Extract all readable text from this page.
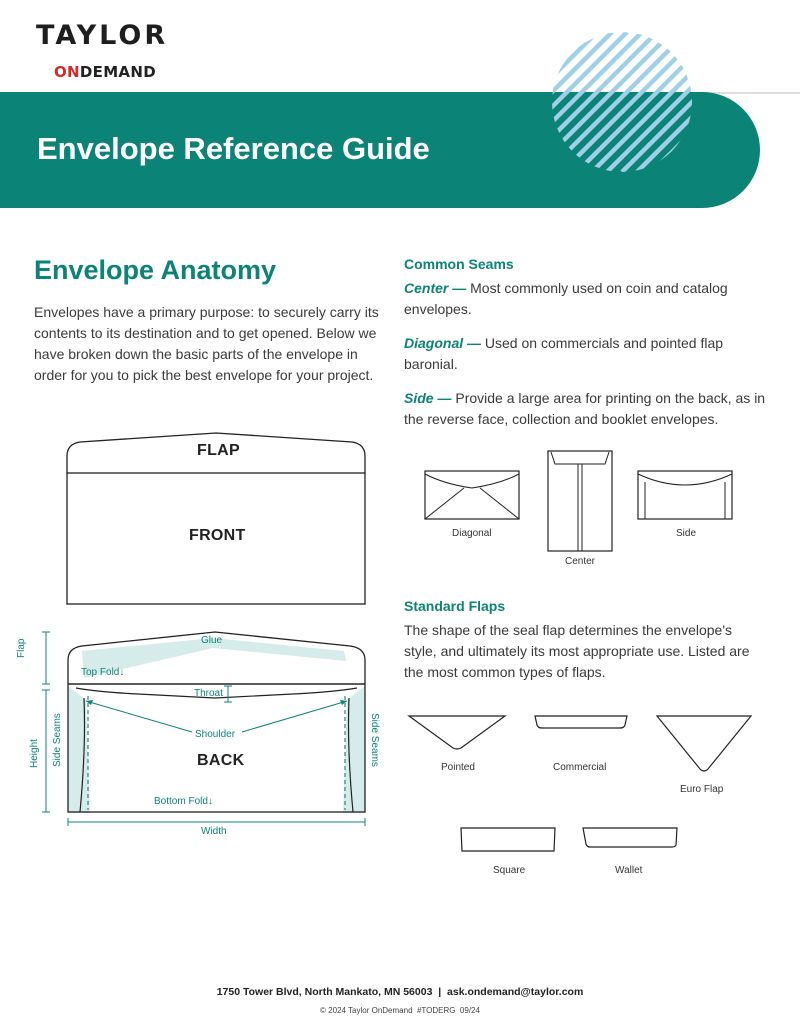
TAYLOR
ONDEMAND
Envelope Reference Guide
Envelope Anatomy
Envelopes have a primary purpose: to securely carry its contents to its destination and to get opened. Below we have broken down the basic parts of the envelope in order for you to pick the best envelope for your project.
FLAP
FRONT
Glue
Top Fold↓
Throat
Shoulder
BACK
Bottom Fold↓
Width
Flap
Height Side Seams	Side Seams
Common Seams
Center — Most commonly used on coin and catalog envelopes.
Diagonal — Used on commercials and pointed flap baronial.
Side — Provide a large area for printing on the back, as in the reverse face, collection and booklet envelopes.
Diagonal
Center
Side
Standard Flaps
The shape of the seal flap determines the envelope's style, and ultimately its most appropriate use. Listed are the most common types of flaps.
Pointed	Commercial
Euro Flap
Square	Wallet
1750 Tower Blvd, North Mankato, MN 56003  |  ask.ondemand@taylor.com
© 2024 Taylor OnDemand  #TODERG  09/24
